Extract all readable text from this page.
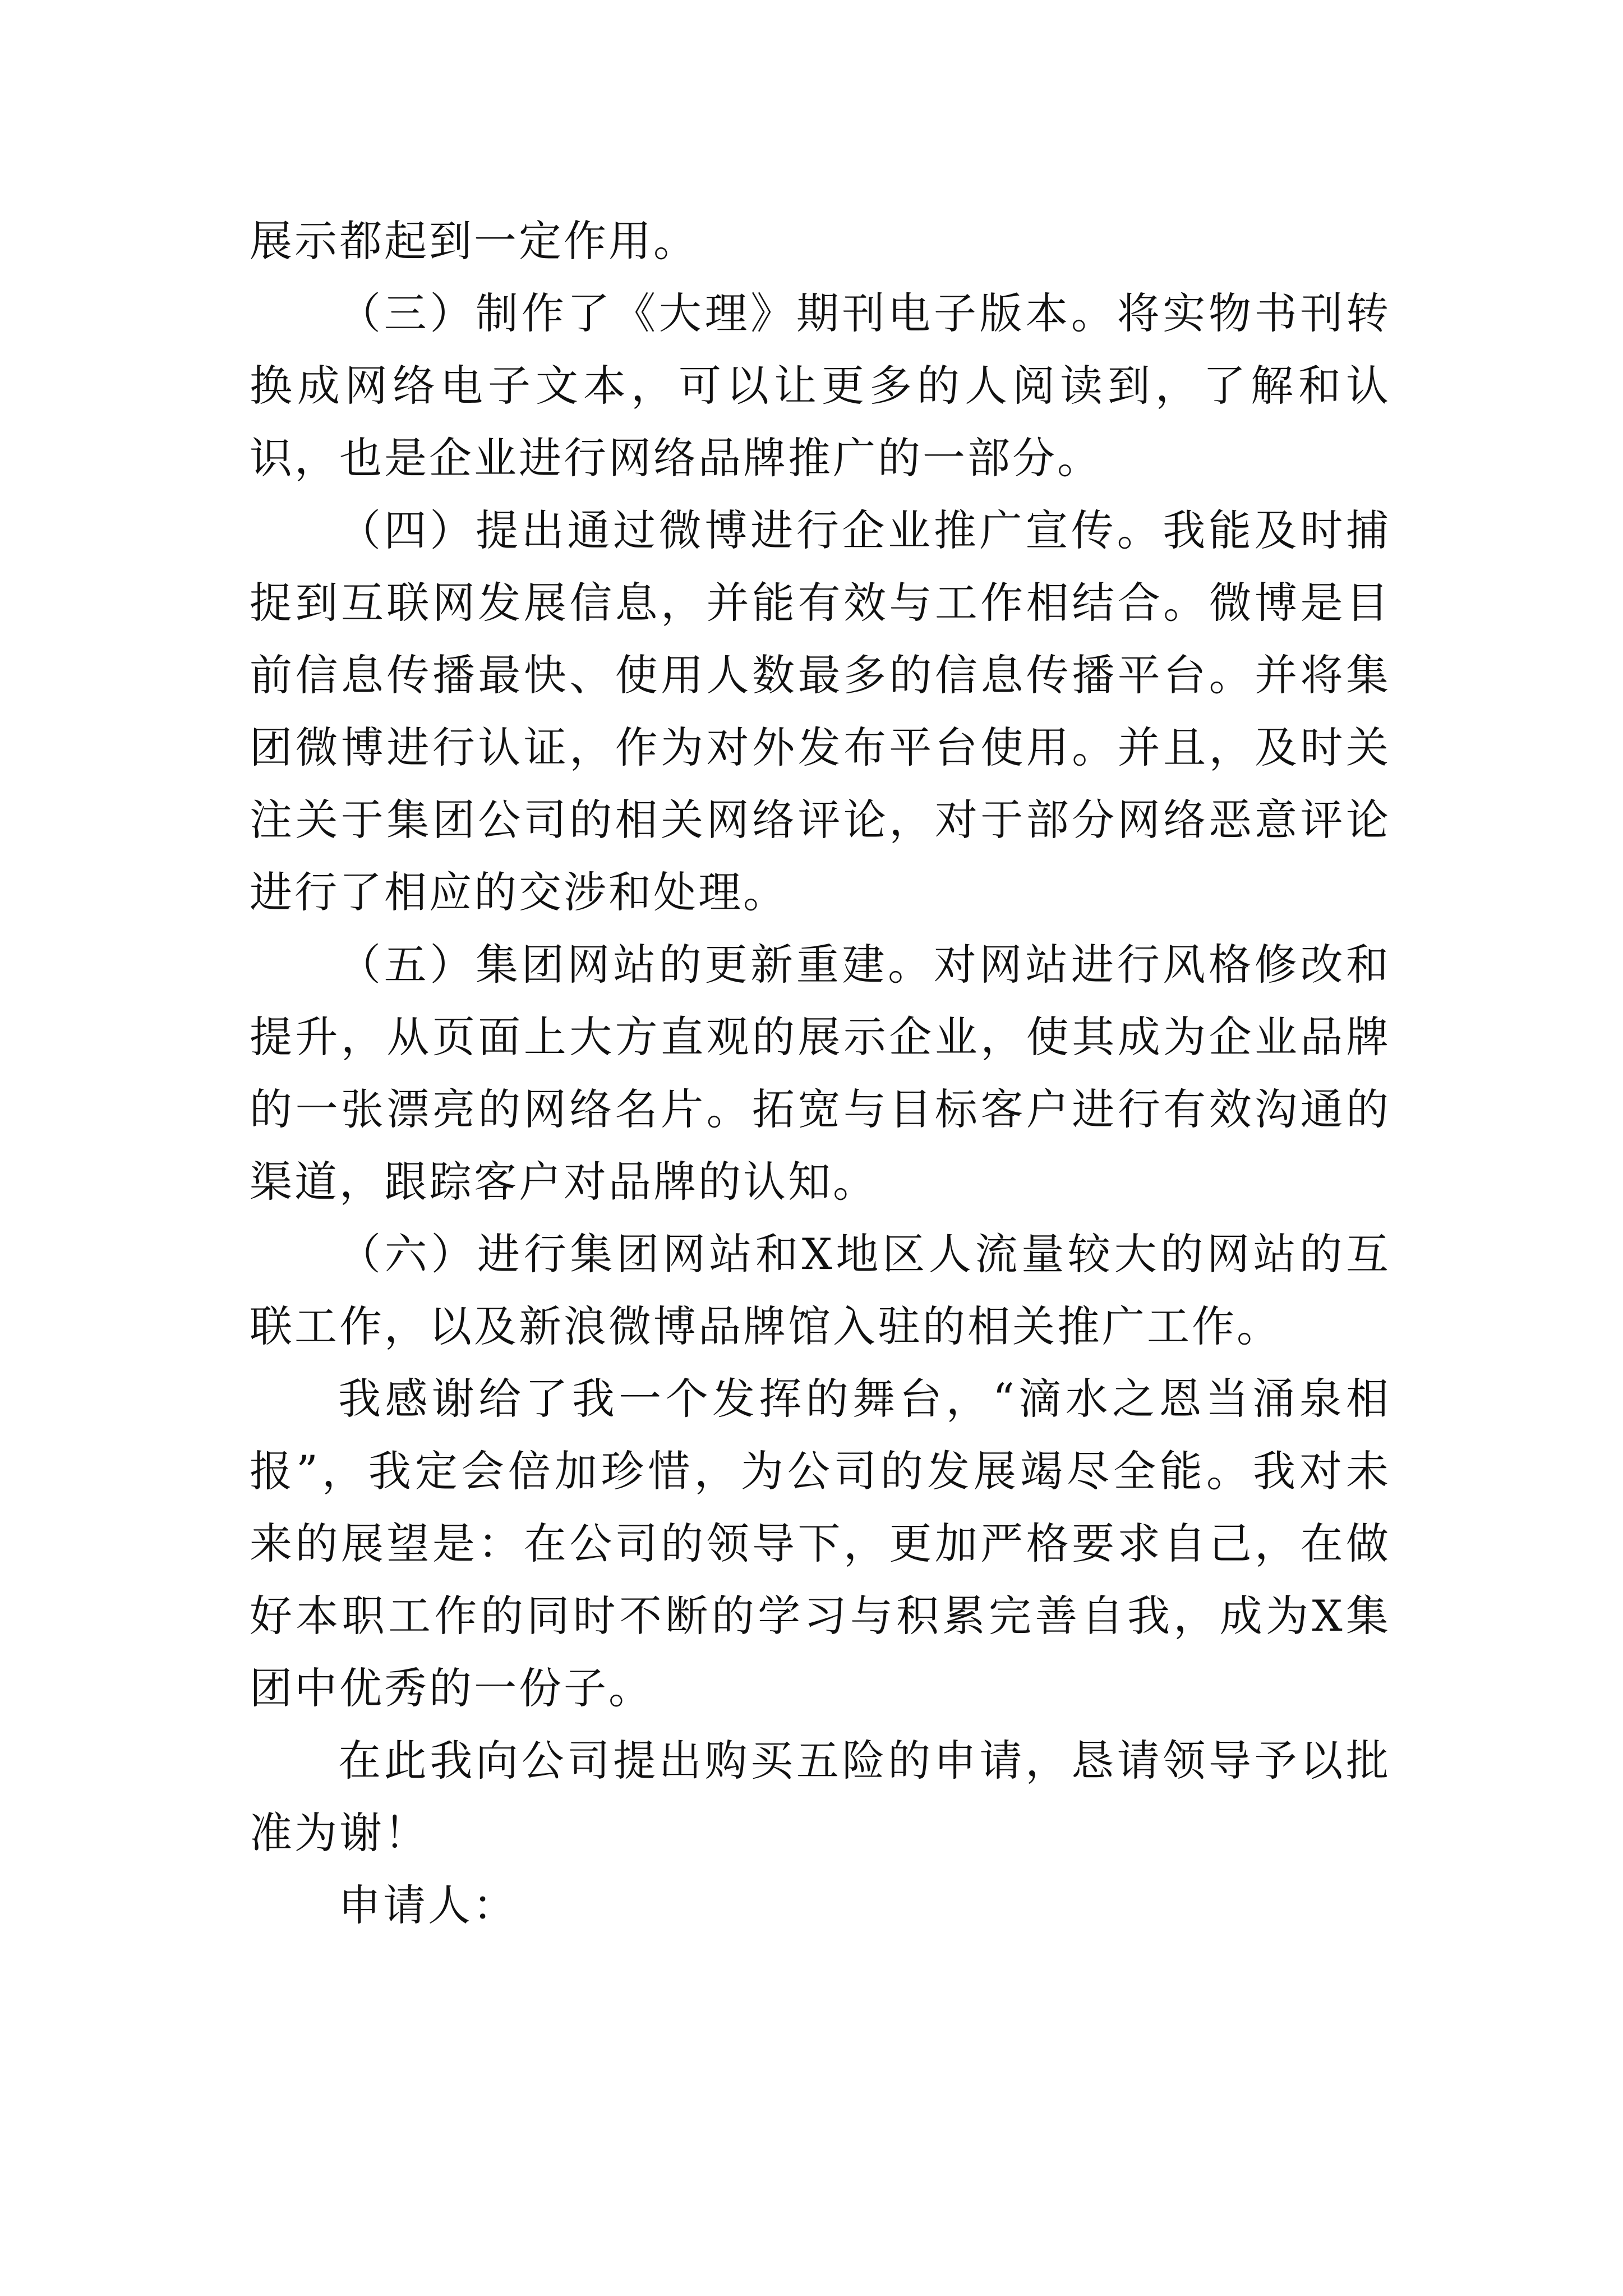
展示都起到一定作用。

（三）制作了《大理》期刊电子版本。将实物书刊转换成网络电子文本，可以让更多的人阅读到，了解和认识，也是企业进行网络品牌推广的一部分。

（四）提出通过微博进行企业推广宣传。我能及时捕捉到互联网发展信息，并能有效与工作相结合。微博是目前信息传播最快、使用人数最多的信息传播平台。并将集团微博进行认证，作为对外发布平台使用。并且，及时关注关于集团公司的相关网络评论，对于部分网络恶意评论进行了相应的交涉和处理。

（五）集团网站的更新重建。对网站进行风格修改和提升，从页面上大方直观的展示企业，使其成为企业品牌的一张漂亮的网络名片。拓宽与目标客户进行有效沟通的渠道，跟踪客户对品牌的认知。

（六）进行集团网站和X地区人流量较大的网站的互联工作，以及新浪微博品牌馆入驻的相关推广工作。

我感谢给了我一个发挥的舞台，“滴水之恩当涌泉相报”，我定会倍加珍惜，为公司的发展竭尽全能。我对未来的展望是：在公司的领导下，更加严格要求自己，在做好本职工作的同时不断的学习与积累完善自我，成为X集团中优秀的一份子。

在此我向公司提出购买五险的申请，恳请领导予以批准为谢！

申请人：
